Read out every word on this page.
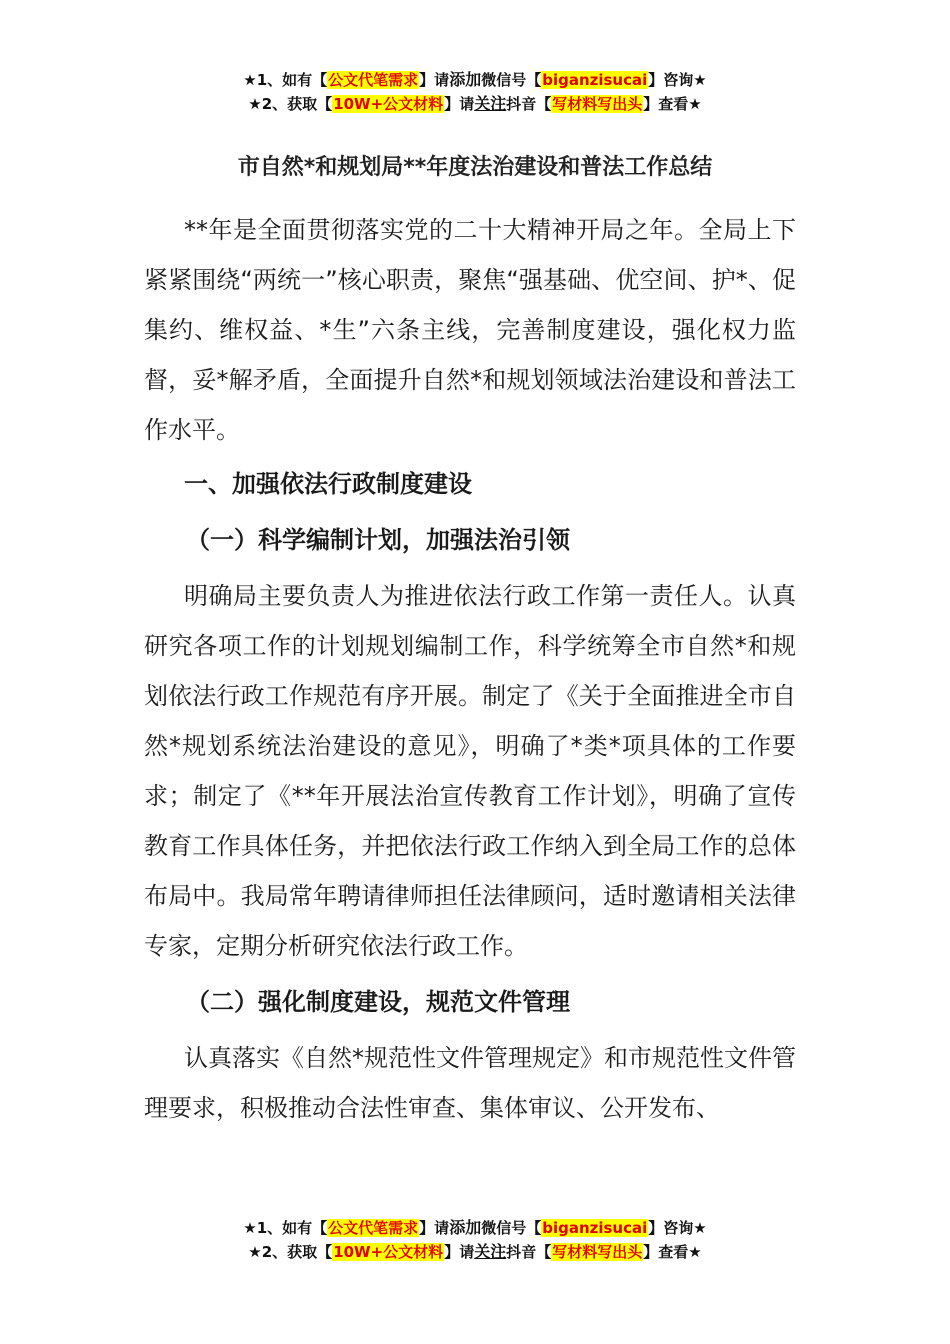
★1、如有【公文代笔需求】请添加微信号【biganzisucai】咨询★
★2、获取【10W+公文材料】请关注抖音【写材料写出头】查看★
市自然*和规划局**年度法治建设和普法工作总结

**年是全面贯彻落实党的二十大精神开局之年。全局上下紧紧围绕“两统一”核心职责，聚焦“强基础、优空间、护*、促集约、维权益、*生”六条主线，完善制度建设，强化权力监督，妥*解矛盾，全面提升自然*和规划领域法治建设和普法工作水平。

一、加强依法行政制度建设
（一）科学编制计划，加强法治引领

明确局主要负责人为推进依法行政工作第一责任人。认真研究各项工作的计划规划编制工作，科学统筹全市自然*和规划依法行政工作规范有序开展。制定了《关于全面推进全市自然*规划系统法治建设的意见》，明确了*类*项具体的工作要求；制定了《**年开展法治宣传教育工作计划》，明确了宣传教育工作具体任务，并把依法行政工作纳入到全局工作的总体布局中。我局常年聘请律师担任法律顾问，适时邀请相关法律专家，定期分析研究依法行政工作。

（二）强化制度建设，规范文件管理

认真落实《自然*规范性文件管理规定》和市规范性文件管理要求，积极推动合法性审查、集体审议、公开发布、

★1、如有【公文代笔需求】请添加微信号【biganzisucai】咨询★
★2、获取【10W+公文材料】请关注抖音【写材料写出头】查看★
